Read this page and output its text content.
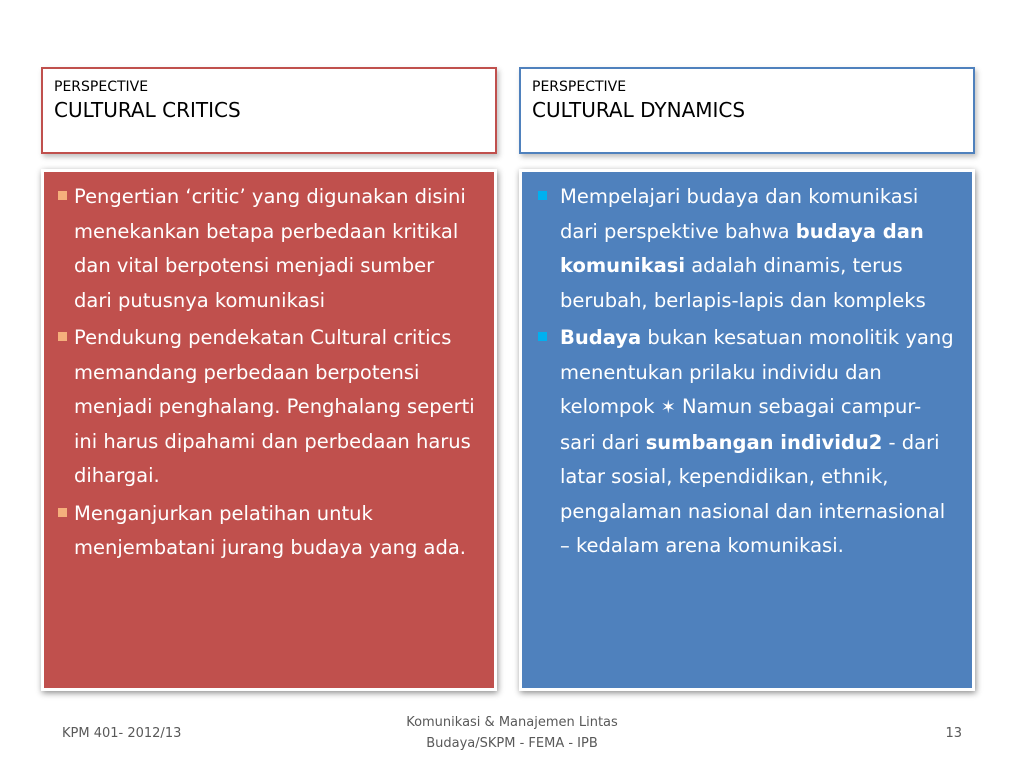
PERSPECTIVE
CULTURAL CRITICS
PERSPECTIVE
CULTURAL DYNAMICS
Pengertian ‘critic’ yang digunakan disini menekankan betapa perbedaan kritikal dan vital berpotensi menjadi sumber dari putusnya komunikasi
Pendukung pendekatan Cultural critics memandang perbedaan berpotensi menjadi penghalang. Penghalang seperti ini harus dipahami dan perbedaan harus dihargai.
Menganjurkan pelatihan untuk menjembatani jurang budaya yang ada.
Mempelajari budaya dan komunikasi dari perspektive bahwa budaya dan komunikasi adalah dinamis, terus berubah, berlapis-lapis dan kompleks
Budaya bukan kesatuan monolitik yang menentukan prilaku individu dan kelompok ✶ Namun sebagai campur-sari dari sumbangan individu2 - dari latar sosial, kependidikan, ethnik, pengalaman nasional dan internasional – kedalam arena komunikasi.
KPM 401- 2012/13
Komunikasi & Manajemen Lintas
Budaya/SKPM - FEMA - IPB
13
